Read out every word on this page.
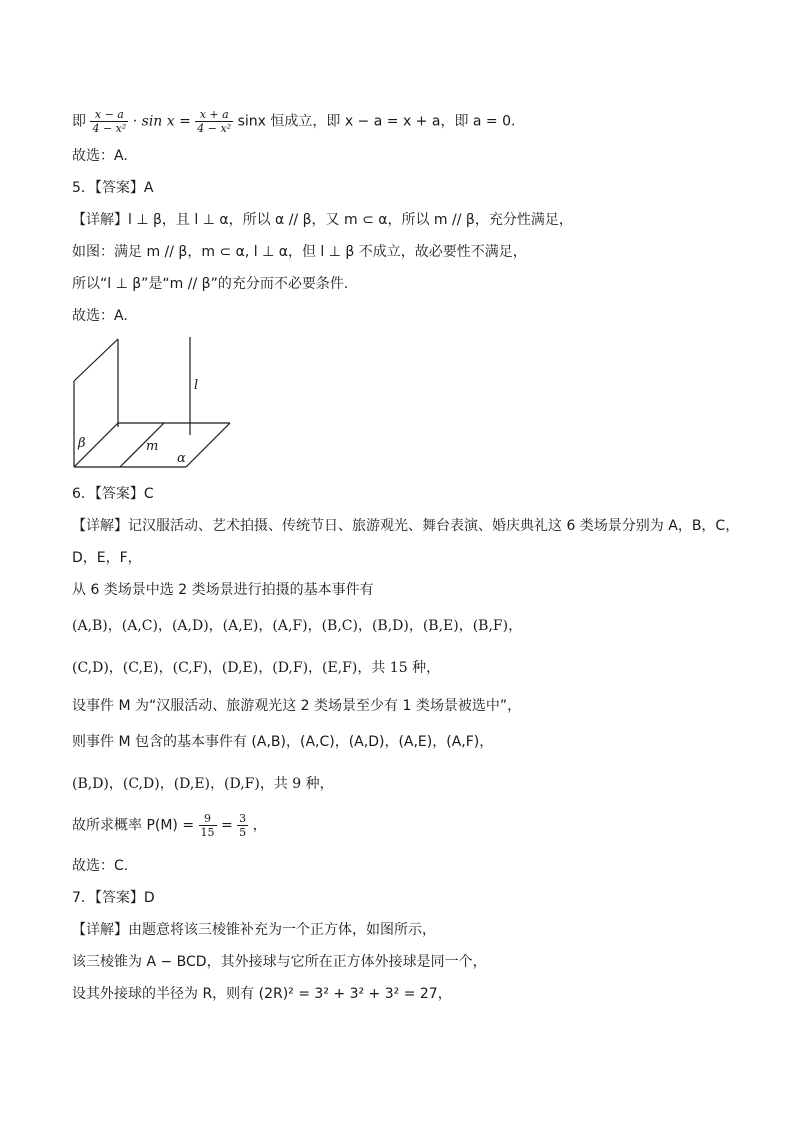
即 $\frac{x - a}{\text{4 − x²}} \cdot \sin x = \frac{x + a}{\text{4 − x²}}$ sinx 恒成立，即 x − a = x + a，即 a = 0.
故选：A.
5．【答案】A
【详解】l ⊥ β，且 l ⊥ α，所以 α // β，又 m ⊂ α，所以 m // β，充分性满足，
如图：满足 m // β，m ⊂ α, l ⊥ α，但 l ⊥ β 不成立，故必要性不满足，
所以“l ⊥ β”是“m // β”的充分而不必要条件.
故选：A.
l
β	m
α
6．【答案】C
【详解】记汉服活动、艺术拍摄、传统节日、旅游观光、舞台表演、婚庆典礼这 6 类场景分别为 A，B，C，
D，E，F，
从 6 类场景中选 2 类场景进行拍摄的基本事件有
(A,B)，(A,C)，(A,D)，(A,E)，(A,F)，(B,C)，(B,D)，(B,E)，(B,F)，
(C,D)，(C,E)，(C,F)，(D,E)，(D,F)，(E,F)，共 15 种，
设事件 M 为“汉服活动、旅游观光这 2 类场景至少有 1 类场景被选中”，
则事件 M 包含的基本事件有 (A,B)，(A,C)，(A,D)，(A,E)，(A,F)，
(B,D)，(C,D)，(D,E)，(D,F)，共 9 种，
故所求概率 $P(M) = \frac{9}{15} = \frac{3}{5}$ ，
故选：C.
7．【答案】D
【详解】由题意将该三棱锥补充为一个正方体，如图所示，
该三棱锥为 A − BCD，其外接球与它所在正方体外接球是同一个，
设其外接球的半径为 R，则有 (2R)² = 3² + 3² + 3² = 27，
